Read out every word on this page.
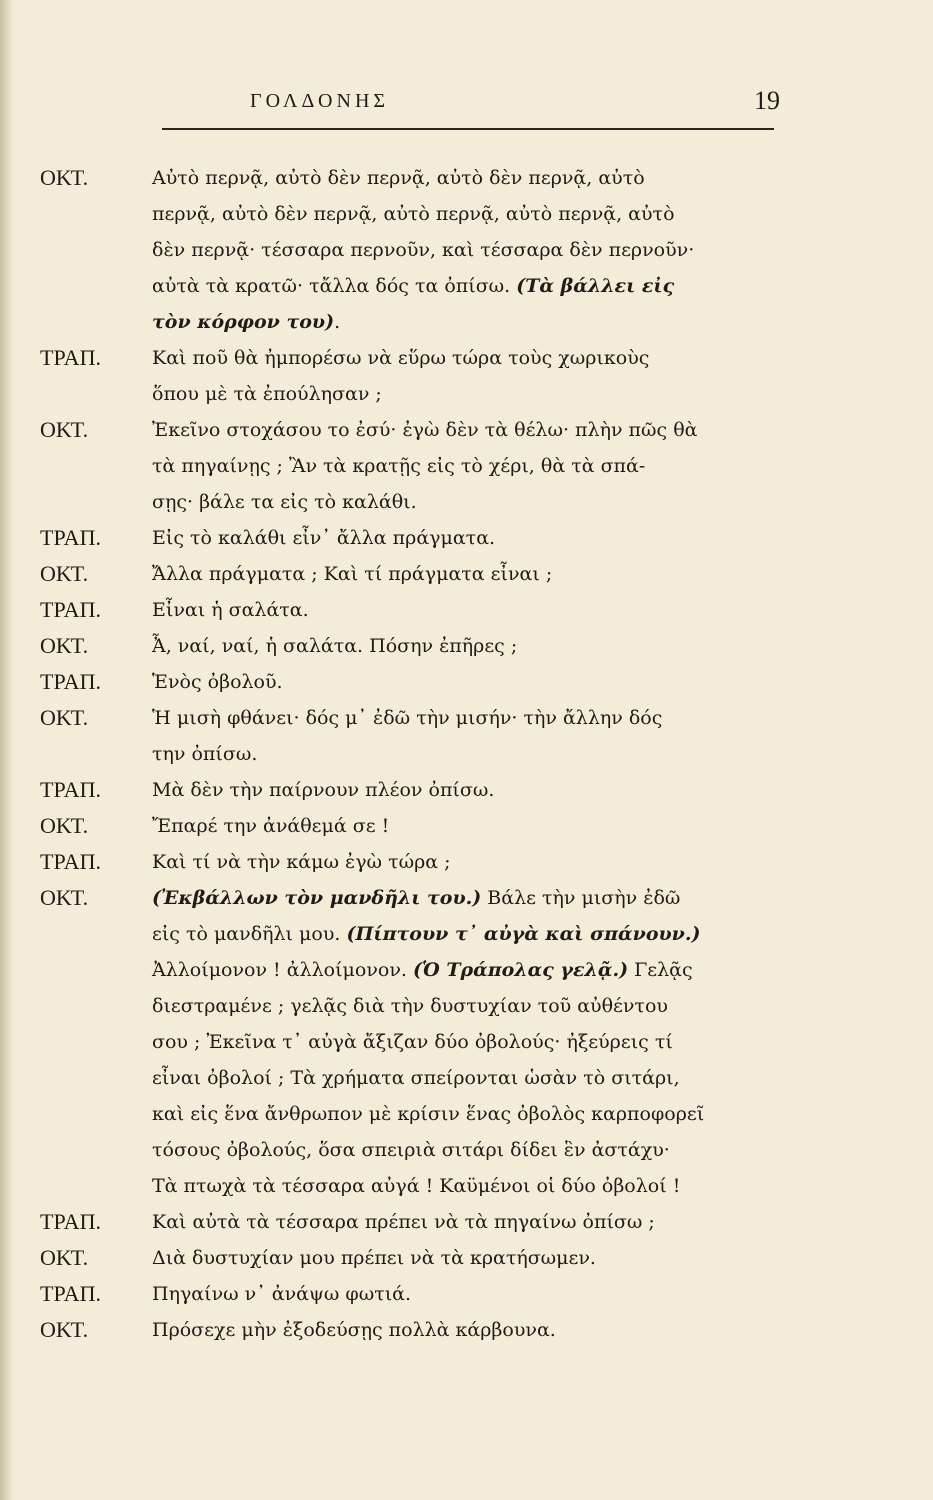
ΓΟΛΔΟΝΗΣ	19
ΟΚΤ.	Αὐτὸ περνᾷ, αὐτὸ δὲν περνᾷ, αὐτὸ δὲν περνᾷ, αὐτὸ
περνᾷ, αὐτὸ δὲν περνᾷ, αὐτὸ περνᾷ, αὐτὸ περνᾷ, αὐτὸ
δὲν περνᾷ· τέσσαρα περνοῦν, καὶ τέσσαρα δὲν περνοῦν·
αὐτὰ τὰ κρατῶ· τἄλλα δός τα ὀπίσω. (Τὰ βάλλει εἰς
τὸν κόρφον του).
ΤΡΑΠ.	Καὶ ποῦ θὰ ἠμπορέσω νὰ εὕρω τώρα τοὺς χωρικοὺς
ὅπου μὲ τὰ ἐπούλησαν ;
ΟΚΤ.	Ἐκεῖνο στοχάσου το ἐσύ· ἐγὼ δὲν τὰ θέλω· πλὴν πῶς θὰ
τὰ πηγαίνῃς ; Ἂν τὰ κρατῇς εἰς τὸ χέρι, θὰ τὰ σπά-
σῃς· βάλε τα εἰς τὸ καλάθι.
ΤΡΑΠ.	Εἰς τὸ καλάθι εἶν᾿ ἄλλα πράγματα.
ΟΚΤ.	Ἄλλα πράγματα ; Καὶ τί πράγματα εἶναι ;
ΤΡΑΠ.	Εἶναι ἡ σαλάτα.
ΟΚΤ.	Ἆ, ναί, ναί, ἡ σαλάτα. Πόσην ἐπῆρες ;
ΤΡΑΠ.	Ἑνὸς ὀβολοῦ.
ΟΚΤ.	Ἡ μισὴ φθάνει· δός μ᾿ ἐδῶ τὴν μισήν· τὴν ἄλλην δός
την ὀπίσω.
ΤΡΑΠ.	Μὰ δὲν τὴν παίρνουν πλέον ὀπίσω.
ΟΚΤ.	Ἔπαρέ την ἀνάθεμά σε !
ΤΡΑΠ.	Καὶ τί νὰ τὴν κάμω ἐγὼ τώρα ;
ΟΚΤ.	(Ἐκβάλλων τὸν μανδῆλι του.) Βάλε τὴν μισὴν ἐδῶ
εἰς τὸ μανδῆλι μου. (Πίπτουν τ᾿ αὐγὰ καὶ σπάνουν.)
Ἀλλοίμονον ! ἀλλοίμονον. (Ὁ Τράπολας γελᾷ.) Γελᾷς
διεστραμένε ; γελᾷς διὰ τὴν δυστυχίαν τοῦ αὐθέντου
σου ; Ἐκεῖνα τ᾿ αὐγὰ ἄξιζαν δύο ὀβολούς· ἠξεύρεις τί
εἶναι ὀβολοί ; Τὰ χρήματα σπείρονται ὡσὰν τὸ σιτάρι,
καὶ εἰς ἕνα ἄνθρωπον μὲ κρίσιν ἕνας ὀβολὸς καρποφορεῖ
τόσους ὀβολούς, ὅσα σπειριὰ σιτάρι δίδει ἓν ἀστάχυ·
Τὰ πτωχὰ τὰ τέσσαρα αὐγά ! Καϋμένοι οἱ δύο ὀβολοί !
ΤΡΑΠ.	Καὶ αὐτὰ τὰ τέσσαρα πρέπει νὰ τὰ πηγαίνω ὀπίσω ;
ΟΚΤ.	Διὰ δυστυχίαν μου πρέπει νὰ τὰ κρατήσωμεν.
ΤΡΑΠ.	Πηγαίνω ν᾿ ἀνάψω φωτιά.
ΟΚΤ.	Πρόσεχε μὴν ἐξοδεύσῃς πολλὰ κάρβουνα.
